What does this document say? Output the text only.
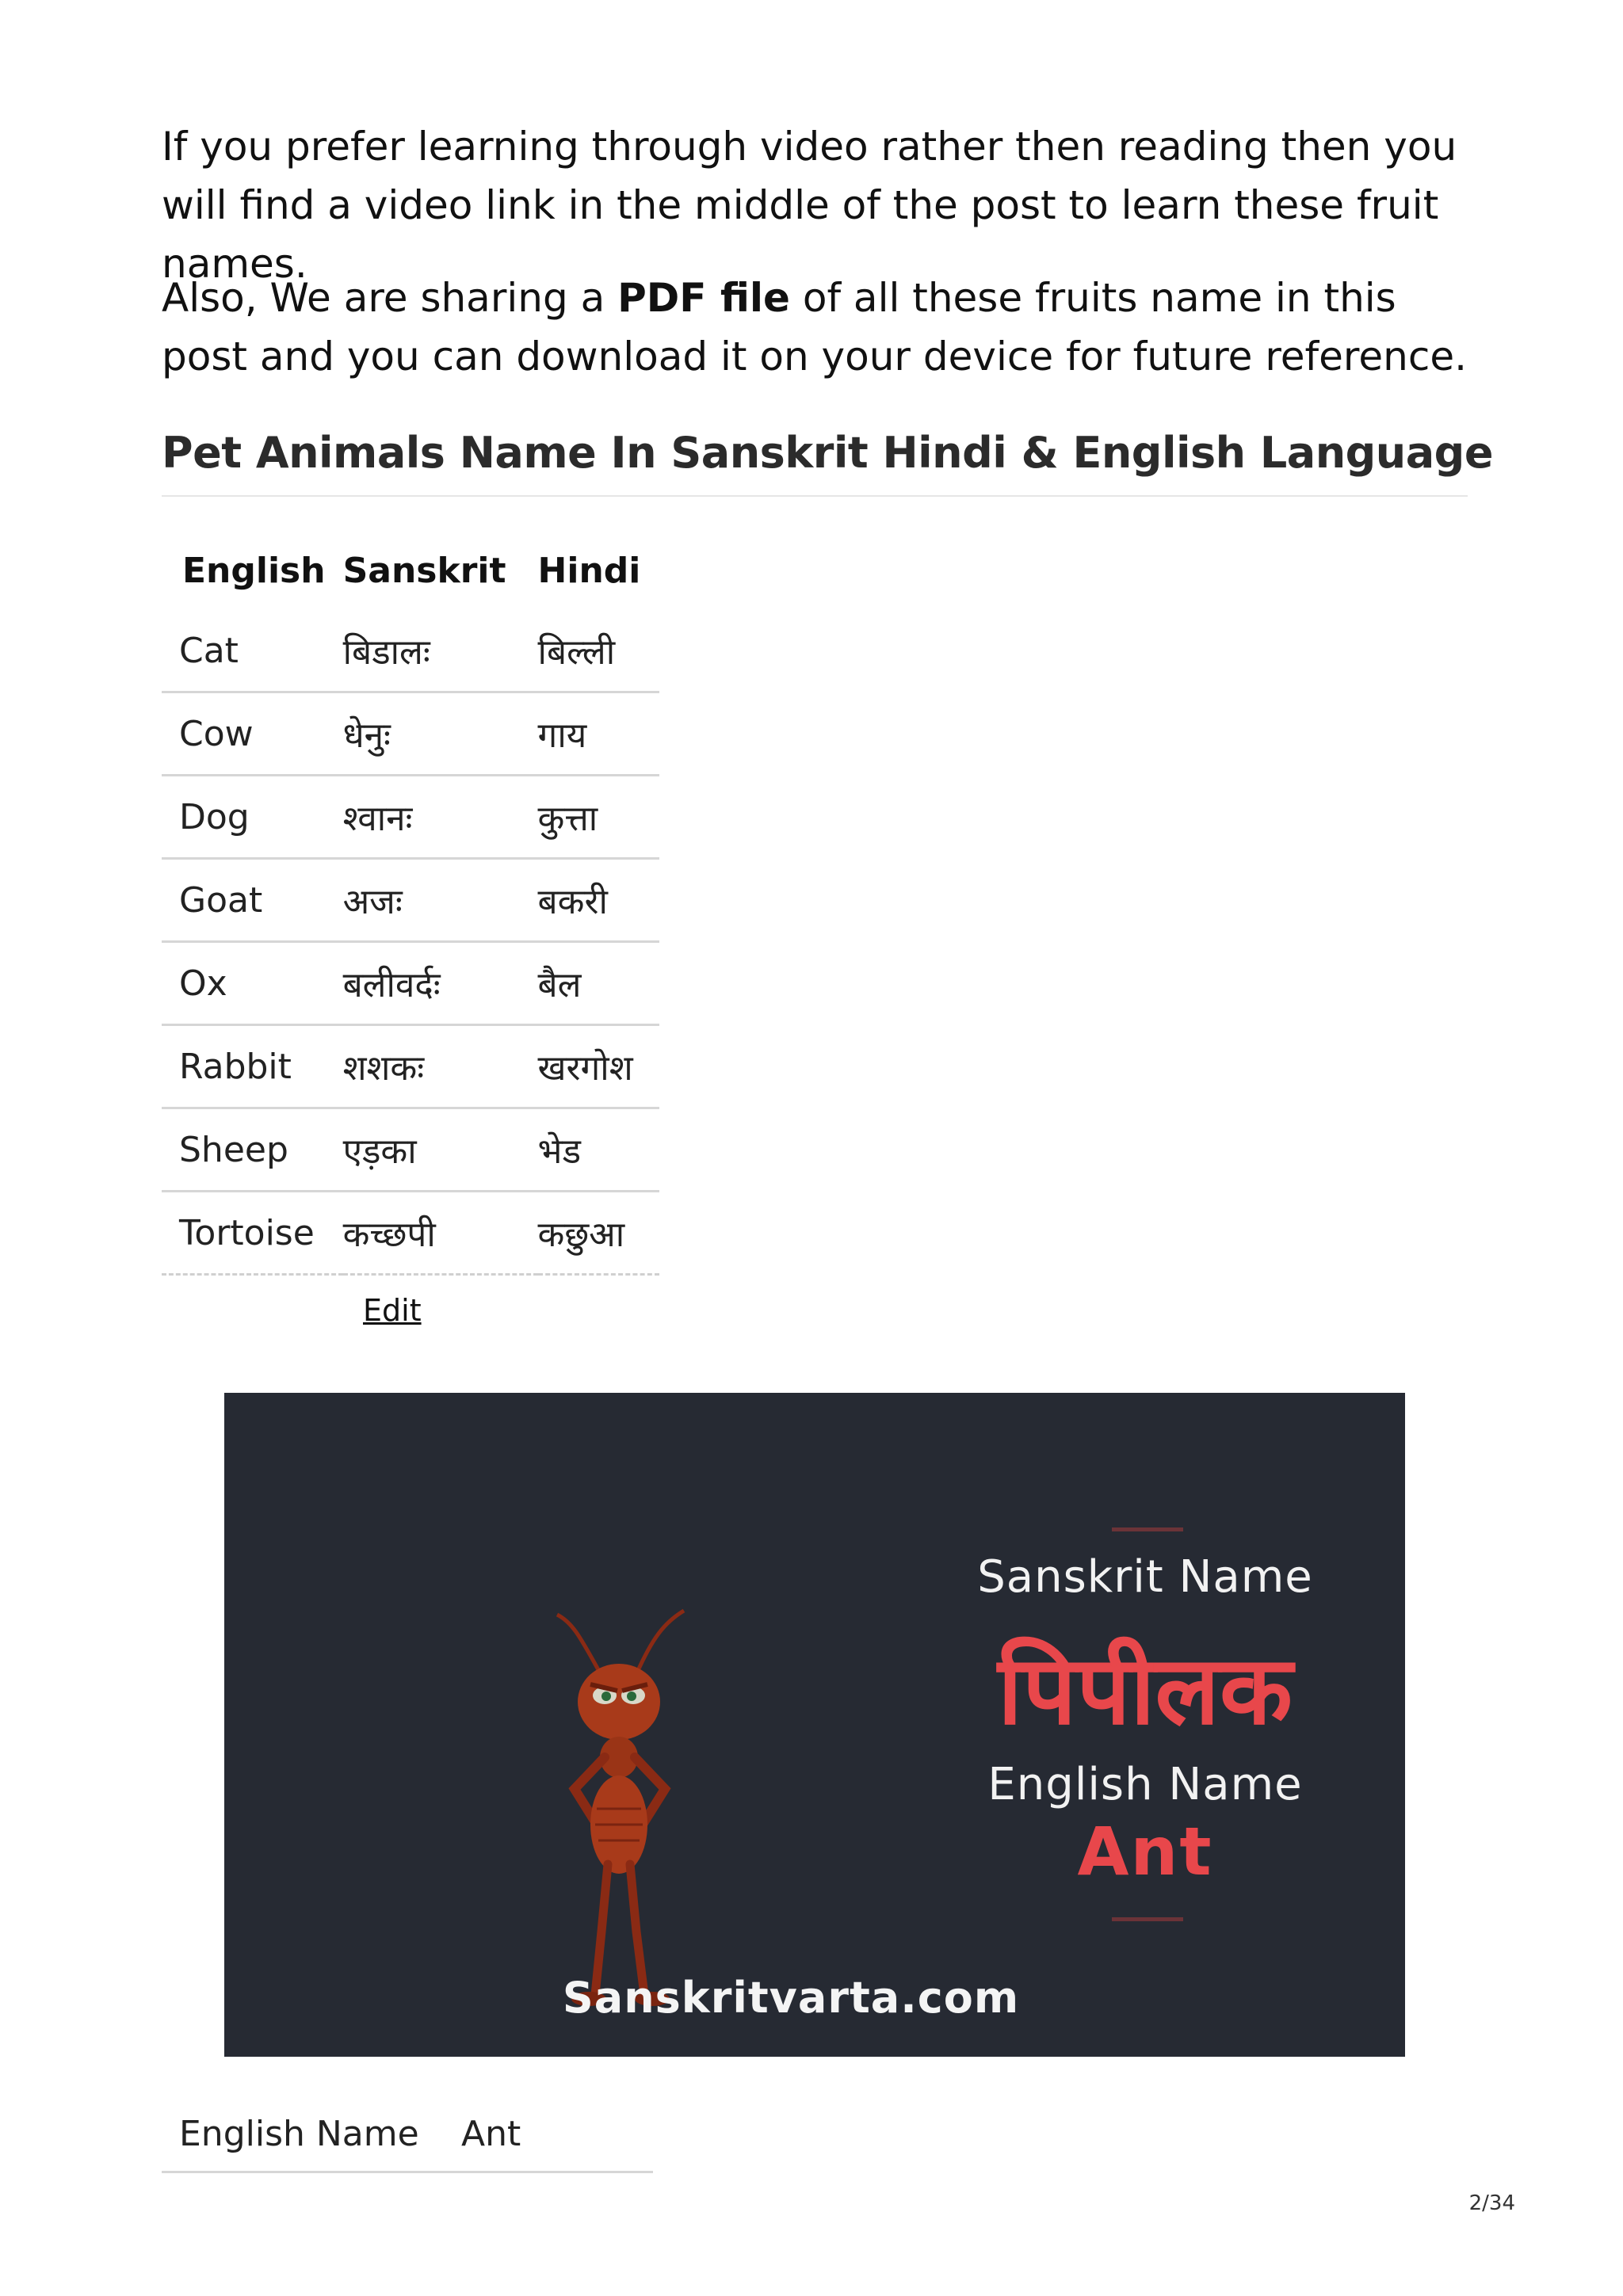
If you prefer learning through video rather then reading then you will find a video link in the middle of the post to learn these fruit names.

Also, We are sharing a PDF file of all these fruits name in this post and you can download it on your device for future reference.

Pet Animals Name In Sanskrit Hindi & English Language
English	Sanskrit	Hindi
Cat	बिडालः	बिल्ली
Cow	धेनुः	गाय
Dog	श्वानः	कुत्ता
Goat	अजः	बकरी
Ox	बलीवर्दः	बैल
Rabbit	शशकः	खरगोश
Sheep	एड़का	भेड
Tortoise	कच्छपी	कछुआ
Edit
Sanskrit Name
पिपीलक
English Name
Ant
Sanskritvarta.com
English Name Ant
2/34
